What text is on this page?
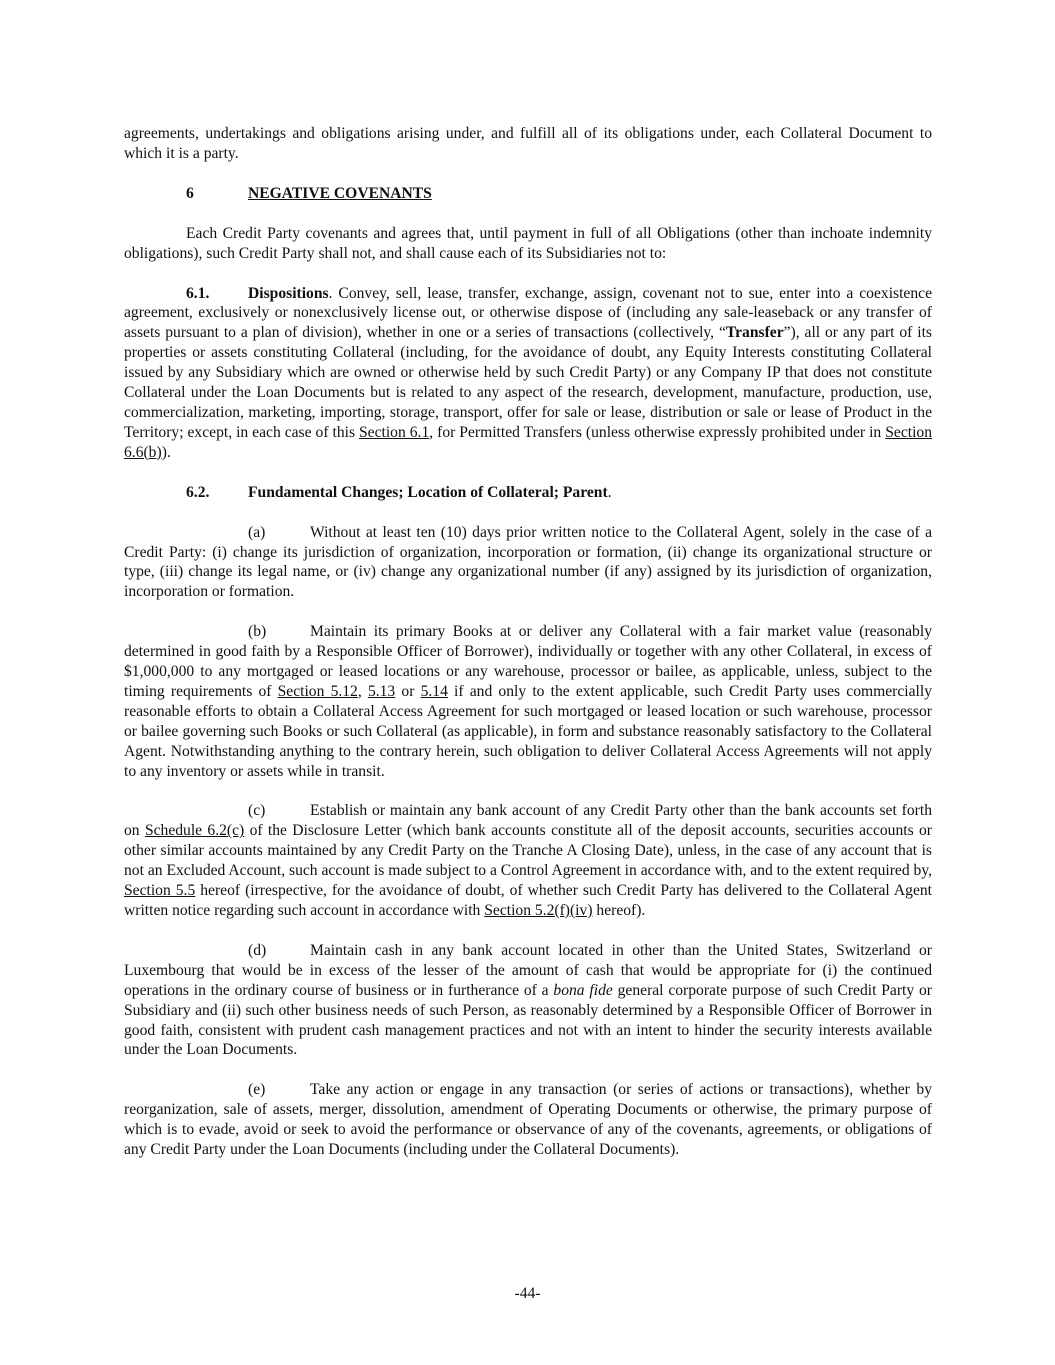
agreements, undertakings and obligations arising under, and fulfill all of its obligations under, each Collateral Document to which it is a party.

6	NEGATIVE COVENANTS

Each Credit Party covenants and agrees that, until payment in full of all Obligations (other than inchoate indemnity obligations), such Credit Party shall not, and shall cause each of its Subsidiaries not to:

6.1. Dispositions. Convey, sell, lease, transfer, exchange, assign, covenant not to sue, enter into a coexistence agreement, exclusively or nonexclusively license out, or otherwise dispose of (including any sale-leaseback or any transfer of assets pursuant to a plan of division), whether in one or a series of transactions (collectively, “Transfer”), all or any part of its properties or assets constituting Collateral (including, for the avoidance of doubt, any Equity Interests constituting Collateral issued by any Subsidiary which are owned or otherwise held by such Credit Party) or any Company IP that does not constitute Collateral under the Loan Documents but is related to any aspect of the research, development, manufacture, production, use, commercialization, marketing, importing, storage, transport, offer for sale or lease, distribution or sale or lease of Product in the Territory; except, in each case of this Section 6.1, for Permitted Transfers (unless otherwise expressly prohibited under in Section 6.6(b)).

6.2. Fundamental Changes; Location of Collateral; Parent.

(a)	Without at least ten (10) days prior written notice to the Collateral Agent, solely in the case of a Credit Party: (i) change its jurisdiction of organization, incorporation or formation, (ii) change its organizational structure or type, (iii) change its legal name, or (iv) change any organizational number (if any) assigned by its jurisdiction of organization, incorporation or formation.

(b)	Maintain its primary Books at or deliver any Collateral with a fair market value (reasonably determined in good faith by a Responsible Officer of Borrower), individually or together with any other Collateral, in excess of $1,000,000 to any mortgaged or leased locations or any warehouse, processor or bailee, as applicable, unless, subject to the timing requirements of Section 5.12, 5.13 or 5.14 if and only to the extent applicable, such Credit Party uses commercially reasonable efforts to obtain a Collateral Access Agreement for such mortgaged or leased location or such warehouse, processor or bailee governing such Books or such Collateral (as applicable), in form and substance reasonably satisfactory to the Collateral Agent. Notwithstanding anything to the contrary herein, such obligation to deliver Collateral Access Agreements will not apply to any inventory or assets while in transit.

(c)	Establish or maintain any bank account of any Credit Party other than the bank accounts set forth on Schedule 6.2(c) of the Disclosure Letter (which bank accounts constitute all of the deposit accounts, securities accounts or other similar accounts maintained by any Credit Party on the Tranche A Closing Date), unless, in the case of any account that is not an Excluded Account, such account is made subject to a Control Agreement in accordance with, and to the extent required by, Section 5.5 hereof (irrespective, for the avoidance of doubt, of whether such Credit Party has delivered to the Collateral Agent written notice regarding such account in accordance with Section 5.2(f)(iv) hereof).

(d)	Maintain cash in any bank account located in other than the United States, Switzerland or Luxembourg that would be in excess of the lesser of the amount of cash that would be appropriate for (i) the continued operations in the ordinary course of business or in furtherance of a bona fide general corporate purpose of such Credit Party or Subsidiary and (ii) such other business needs of such Person, as reasonably determined by a Responsible Officer of Borrower in good faith, consistent with prudent cash management practices and not with an intent to hinder the security interests available under the Loan Documents.

(e)	Take any action or engage in any transaction (or series of actions or transactions), whether by reorganization, sale of assets, merger, dissolution, amendment of Operating Documents or otherwise, the primary purpose of which is to evade, avoid or seek to avoid the performance or observance of any of the covenants, agreements, or obligations of any Credit Party under the Loan Documents (including under the Collateral Documents).

-44-
